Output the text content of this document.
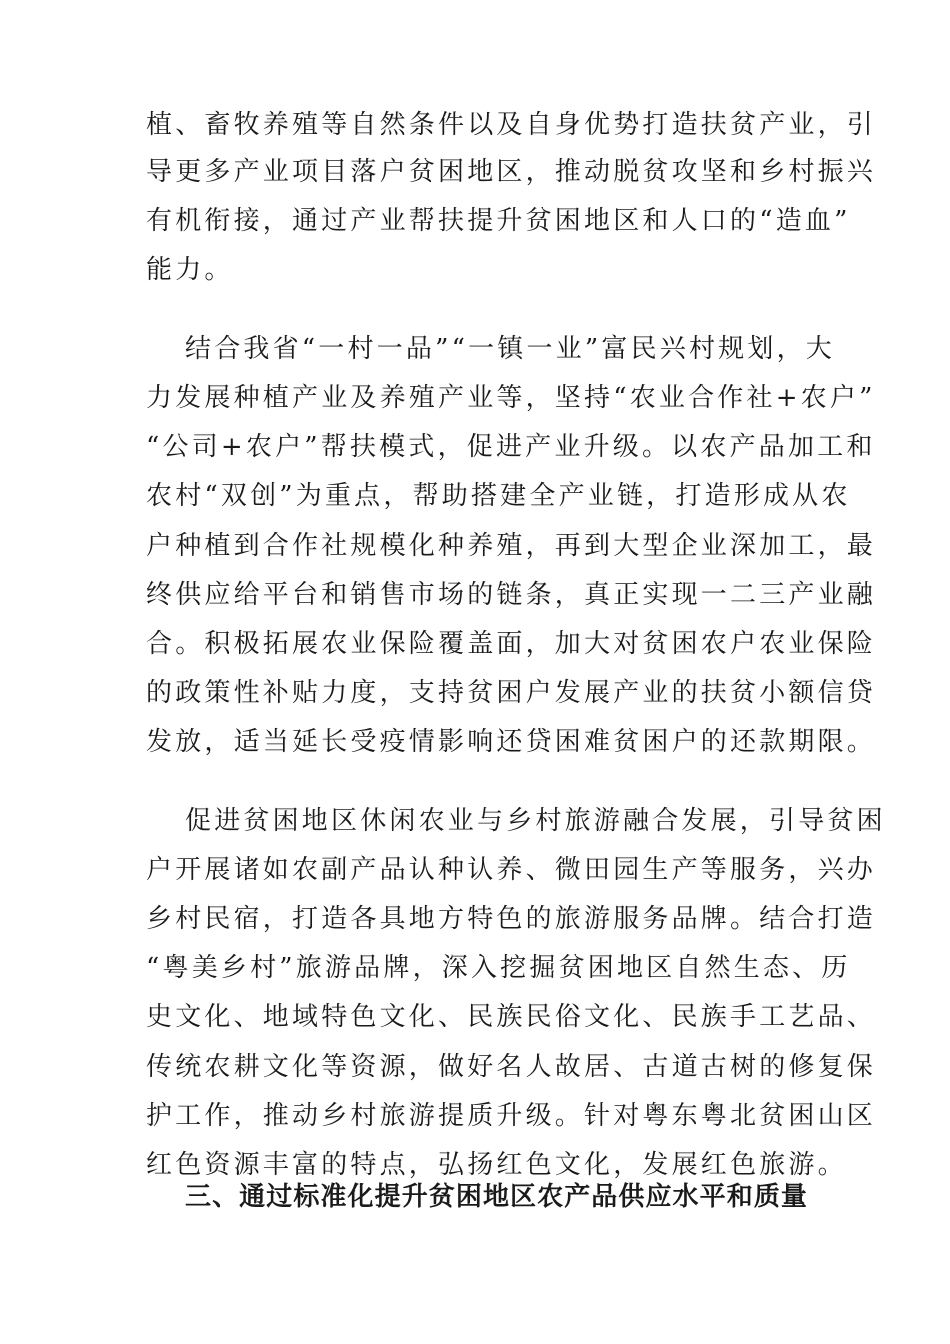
植、畜牧养殖等自然条件以及自身优势打造扶贫产业，引
导更多产业项目落户贫困地区，推动脱贫攻坚和乡村振兴
有机衔接，通过产业帮扶提升贫困地区和人口的“造血”
能力。
结合我省“一村一品”“一镇一业”富民兴村规划，大
力发展种植产业及养殖产业等，坚持“农业合作社+农户”
“公司+农户”帮扶模式，促进产业升级。以农产品加工和
农村“双创”为重点，帮助搭建全产业链，打造形成从农
户种植到合作社规模化种养殖，再到大型企业深加工，最
终供应给平台和销售市场的链条，真正实现一二三产业融
合。积极拓展农业保险覆盖面，加大对贫困农户农业保险
的政策性补贴力度，支持贫困户发展产业的扶贫小额信贷
发放，适当延长受疫情影响还贷困难贫困户的还款期限。
促进贫困地区休闲农业与乡村旅游融合发展，引导贫困
户开展诸如农副产品认种认养、微田园生产等服务，兴办
乡村民宿，打造各具地方特色的旅游服务品牌。结合打造
“粤美乡村”旅游品牌，深入挖掘贫困地区自然生态、历
史文化、地域特色文化、民族民俗文化、民族手工艺品、
传统农耕文化等资源，做好名人故居、古道古树的修复保
护工作，推动乡村旅游提质升级。针对粤东粤北贫困山区
红色资源丰富的特点，弘扬红色文化，发展红色旅游。
三、通过标准化提升贫困地区农产品供应水平和质量
